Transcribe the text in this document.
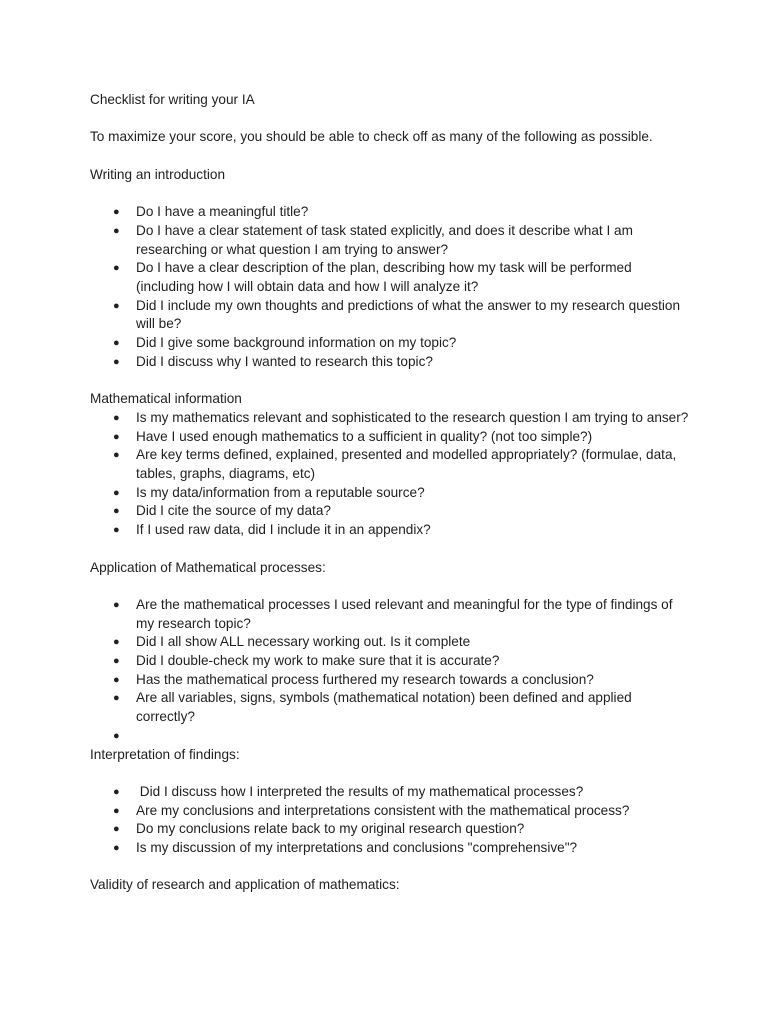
Checklist for writing your IA

To maximize your score, you should be able to check off as many of the following as possible.

Writing an introduction

● Do I have a meaningful title?
● Do I have a clear statement of task stated explicitly, and does it describe what I am researching or what question I am trying to answer?
● Do I have a clear description of the plan, describing how my task will be performed (including how I will obtain data and how I will analyze it?
● Did I include my own thoughts and predictions of what the answer to my research question will be?
● Did I give some background information on my topic?
● Did I discuss why I wanted to research this topic?

Mathematical information

● Is my mathematics relevant and sophisticated to the research question I am trying to anser?
● Have I used enough mathematics to a sufficient in quality? (not too simple?)
● Are key terms defined, explained, presented and modelled appropriately? (formulae, data, tables, graphs, diagrams, etc)
● Is my data/information from a reputable source?
● Did I cite the source of my data?
● If I used raw data, did I include it in an appendix?

Application of Mathematical processes:

● Are the mathematical processes I used relevant and meaningful for the type of findings of my research topic?
● Did I all show ALL necessary working out. Is it complete
● Did I double-check my work to make sure that it is accurate?
● Has the mathematical process furthered my research towards a conclusion?
● Are all variables, signs, symbols (mathematical notation) been defined and applied correctly?
●

Interpretation of findings:

● Did I discuss how I interpreted the results of my mathematical processes?
● Are my conclusions and interpretations consistent with the mathematical process?
● Do my conclusions relate back to my original research question?
● Is my discussion of my interpretations and conclusions "comprehensive"?

Validity of research and application of mathematics:
